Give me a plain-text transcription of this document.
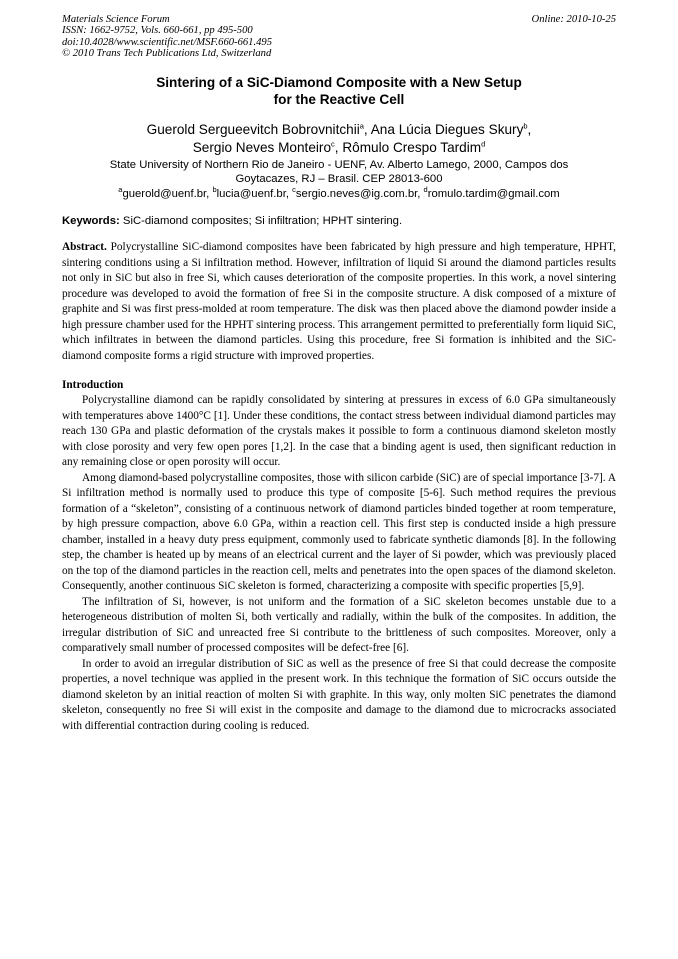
Materials Science Forum	Online: 2010-10-25
ISSN: 1662-9752, Vols. 660-661, pp 495-500
doi:10.4028/www.scientific.net/MSF.660-661.495
© 2010 Trans Tech Publications Ltd, Switzerland
Sintering of a SiC-Diamond Composite with a New Setup
for the Reactive Cell
Guerold Sergueevitch Bobrovnitchii$^a$, Ana Lúcia Diegues Skury$^b$,
Sergio Neves Monteiro$^c$, Rômulo Crespo Tardim$^d$
State University of Northern Rio de Janeiro - UENF, Av. Alberto Lamego, 2000, Campos dos
Goytacazes, RJ – Brasil. CEP 28013-600
$^a$guerold@uenf.br, $^b$lucia@uenf.br, $^c$sergio.neves@ig.com.br, $^d$romulo.tardim@gmail.com
Keywords: SiC-diamond composites; Si infiltration; HPHT sintering.
Abstract. Polycrystalline SiC-diamond composites have been fabricated by high pressure and high temperature, HPHT, sintering conditions using a Si infiltration method. However, infiltration of liquid Si around the diamond particles results not only in SiC but also in free Si, which causes deterioration of the composite properties. In this work, a novel sintering procedure was developed to avoid the formation of free Si in the composite structure. A disk composed of a mixture of graphite and Si was first press-molded at room temperature. The disk was then placed above the diamond powder inside a high pressure chamber used for the HPHT sintering process. This arrangement permitted to preferentially form liquid SiC, which infiltrates in between the diamond particles. Using this procedure, free Si formation is inhibited and the SiC-diamond composite forms a rigid structure with improved properties.
Introduction

Polycrystalline diamond can be rapidly consolidated by sintering at pressures in excess of 6.0 GPa simultaneously with temperatures above 1400°C [1]. Under these conditions, the contact stress between individual diamond particles may reach 130 GPa and plastic deformation of the crystals makes it possible to form a continuous diamond skeleton mostly with close porosity and very few open pores [1,2]. In the case that a binding agent is used, then significant reduction in any remaining close or open porosity will occur.

Among diamond-based polycrystalline composites, those with silicon carbide (SiC) are of special importance [3-7]. A Si infiltration method is normally used to produce this type of composite [5-6]. Such method requires the previous formation of a “skeleton”, consisting of a continuous network of diamond particles binded together at room temperature, by high pressure compaction, above 6.0 GPa, within a reaction cell. This first step is conducted inside a high pressure chamber, installed in a heavy duty press equipment, commonly used to fabricate synthetic diamonds [8]. In the following step, the chamber is heated up by means of an electrical current and the layer of Si powder, which was previously placed on the top of the diamond particles in the reaction cell, melts and penetrates into the open spaces of the diamond skeleton. Consequently, another continuous SiC skeleton is formed, characterizing a composite with specific properties [5,9].

The infiltration of Si, however, is not uniform and the formation of a SiC skeleton becomes unstable due to a heterogeneous distribution of molten Si, both vertically and radially, within the bulk of the composites. In addition, the irregular distribution of SiC and unreacted free Si contribute to the brittleness of such composites. Moreover, only a comparatively small number of processed composites will be defect-free [6].

In order to avoid an irregular distribution of SiC as well as the presence of free Si that could decrease the composite properties, a novel technique was applied in the present work. In this technique the formation of SiC occurs outside the diamond skeleton by an initial reaction of molten Si with graphite. In this way, only molten SiC penetrates the diamond skeleton, consequently no free Si will exist in the composite and damage to the diamond due to microcracks associated with differential contraction during cooling is reduced.
